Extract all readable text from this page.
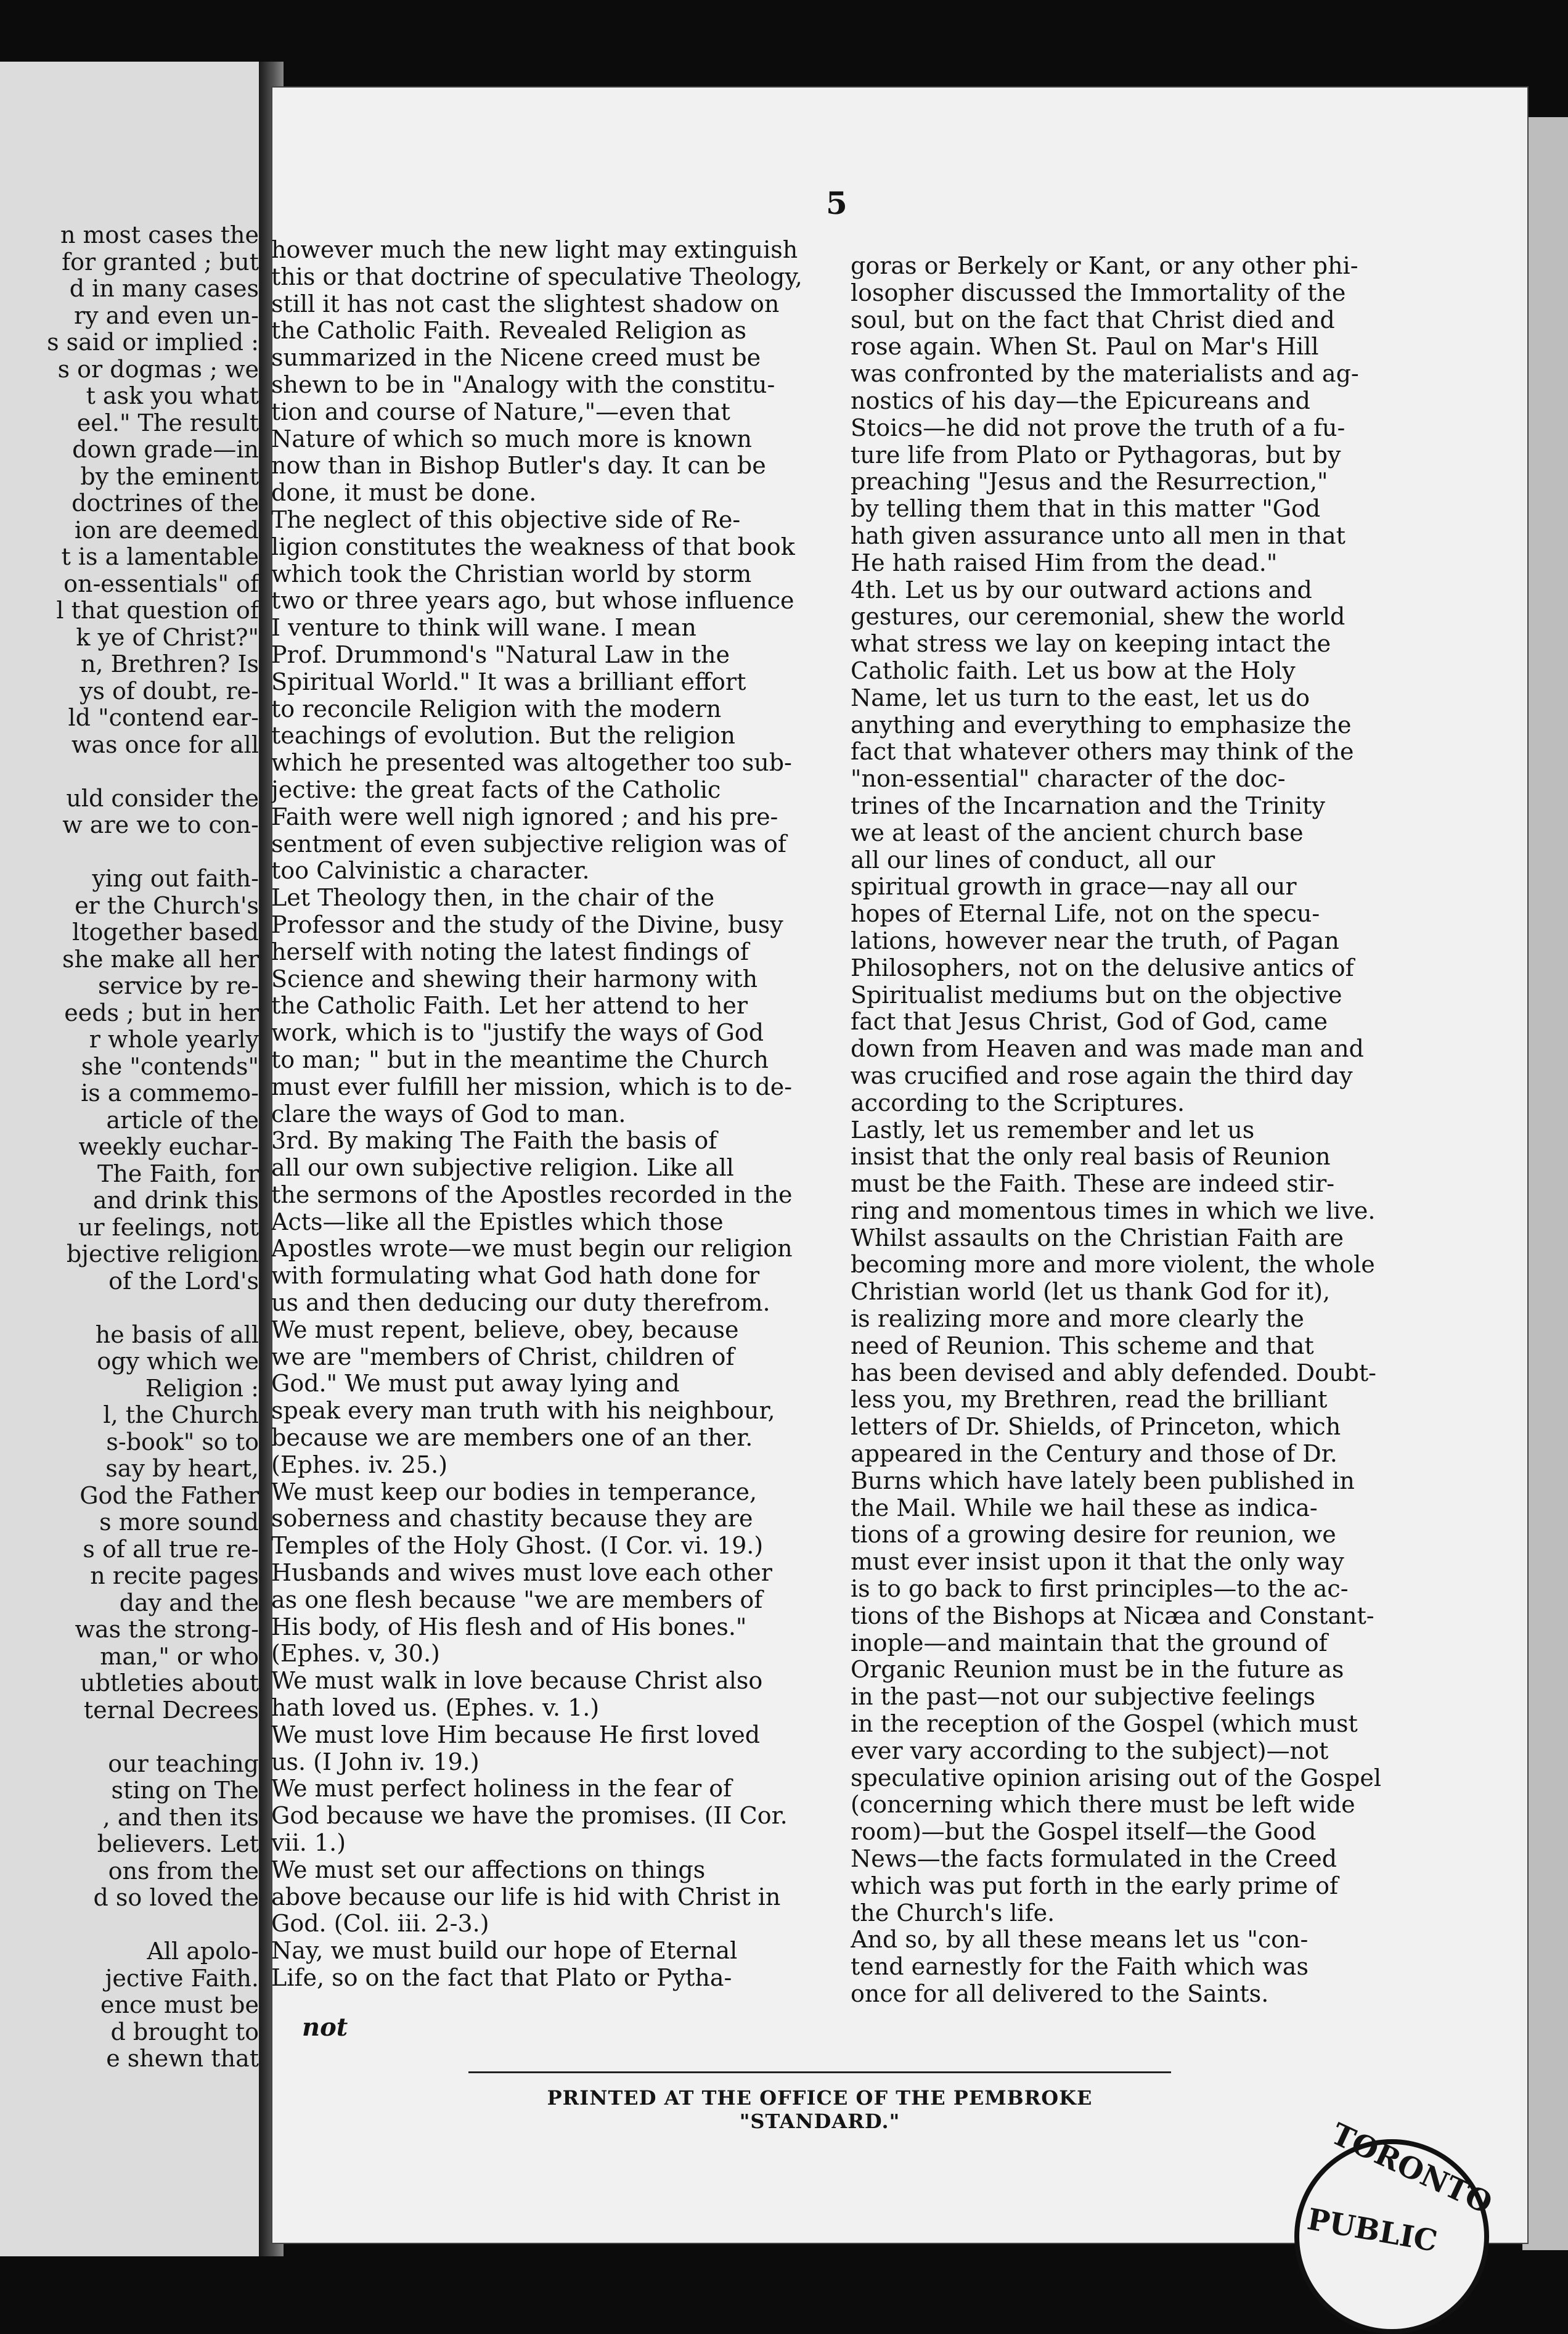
n most cases the
for granted ; but
d in many cases
ry and even un-
s said or implied :
s or dogmas ; we
t ask you what
eel." The result
down grade—in
by the eminent
doctrines of the
ion are deemed
t is a lamentable
on-essentials" of
l that question of
k ye of Christ?"
n, Brethren? Is
ys of doubt, re-
ld "contend ear-
was once for all
uld consider the
w are we to con-
ying out faith-
er the Church's
ltogether based
she make all her
service by re-
eeds ; but in her
r whole yearly
she "contends"
is a commemo-
article of the
weekly euchar-
The Faith, for
and drink this
ur feelings, not
bjective religion
of the Lord's
he basis of all
ogy which we
Religion :
l, the Church
s-book" so to
say by heart,
God the Father
s more sound
s of all true re-
n recite pages
day and the
was the strong-
man," or who
ubtleties about
ternal Decrees
our teaching
sting on The
, and then its
believers. Let
ons from the
d so loved the
All apolo-
jective Faith.
ence must be
d brought to
e shewn that
5
however much the new light may extinguish
this or that doctrine of speculative Theology,
still it has not cast the slightest shadow on
the Catholic Faith. Revealed Religion as
summarized in the Nicene creed must be
shewn to be in "Analogy with the constitu-
tion and course of Nature,"—even that
Nature of which so much more is known
now than in Bishop Butler's day. It can be
done, it must be done.
The neglect of this objective side of Re-
ligion constitutes the weakness of that book
which took the Christian world by storm
two or three years ago, but whose influence
I venture to think will wane. I mean
Prof. Drummond's "Natural Law in the
Spiritual World." It was a brilliant effort
to reconcile Religion with the modern
teachings of evolution. But the religion
which he presented was altogether too sub-
jective: the great facts of the Catholic
Faith were well nigh ignored ; and his pre-
sentment of even subjective religion was of
too Calvinistic a character.
Let Theology then, in the chair of the
Professor and the study of the Divine, busy
herself with noting the latest findings of
Science and shewing their harmony with
the Catholic Faith. Let her attend to her
work, which is to "justify the ways of God
to man; " but in the meantime the Church
must ever fulfill her mission, which is to de-
clare the ways of God to man.
3rd. By making The Faith the basis of
all our own subjective religion. Like all
the sermons of the Apostles recorded in the
Acts—like all the Epistles which those
Apostles wrote—we must begin our religion
with formulating what God hath done for
us and then deducing our duty therefrom.
We must repent, believe, obey, because
we are "members of Christ, children of
God." We must put away lying and
speak every man truth with his neighbour,
because we are members one of an ther.
(Ephes. iv. 25.)
We must keep our bodies in temperance,
soberness and chastity because they are
Temples of the Holy Ghost. (I Cor. vi. 19.)
Husbands and wives must love each other
as one flesh because "we are members of
His body, of His flesh and of His bones."
(Ephes. v, 30.)
We must walk in love because Christ also
hath loved us. (Ephes. v. 1.)
We must love Him because He first loved
us. (I John iv. 19.)
We must perfect holiness in the fear of
God because we have the promises. (II Cor.
vii. 1.)
We must set our affections on things
above because our life is hid with Christ in
God. (Col. iii. 2-3.)
Nay, we must build our hope of Eternal
Life, so on the fact that Plato or Pytha-
goras or Berkely or Kant, or any other phi-
losopher discussed the Immortality of the
soul, but on the fact that Christ died and
rose again. When St. Paul on Mar's Hill
was confronted by the materialists and ag-
nostics of his day—the Epicureans and
Stoics—he did not prove the truth of a fu-
ture life from Plato or Pythagoras, but by
preaching "Jesus and the Resurrection,"
by telling them that in this matter "God
hath given assurance unto all men in that
He hath raised Him from the dead."
4th. Let us by our outward actions and
gestures, our ceremonial, shew the world
what stress we lay on keeping intact the
Catholic faith. Let us bow at the Holy
Name, let us turn to the east, let us do
anything and everything to emphasize the
fact that whatever others may think of the
"non-essential" character of the doc-
trines of the Incarnation and the Trinity
we at least of the ancient church base
all our lines of conduct, all our
spiritual growth in grace—nay all our
hopes of Eternal Life, not on the specu-
lations, however near the truth, of Pagan
Philosophers, not on the delusive antics of
Spiritualist mediums but on the objective
fact that Jesus Christ, God of God, came
down from Heaven and was made man and
was crucified and rose again the third day
according to the Scriptures.
Lastly, let us remember and let us
insist that the only real basis of Reunion
must be the Faith. These are indeed stir-
ring and momentous times in which we live.
Whilst assaults on the Christian Faith are
becoming more and more violent, the whole
Christian world (let us thank God for it),
is realizing more and more clearly the
need of Reunion. This scheme and that
has been devised and ably defended. Doubt-
less you, my Brethren, read the brilliant
letters of Dr. Shields, of Princeton, which
appeared in the Century and those of Dr.
Burns which have lately been published in
the Mail. While we hail these as indica-
tions of a growing desire for reunion, we
must ever insist upon it that the only way
is to go back to first principles—to the ac-
tions of the Bishops at Nicæa and Constant-
inople—and maintain that the ground of
Organic Reunion must be in the future as
in the past—not our subjective feelings
in the reception of the Gospel (which must
ever vary according to the subject)—not
speculative opinion arising out of the Gospel
(concerning which there must be left wide
room)—but the Gospel itself—the Good
News—the facts formulated in the Creed
which was put forth in the early prime of
the Church's life.
And so, by all these means let us "con-
tend earnestly for the Faith which was
once for all delivered to the Saints.
not
PRINTED AT THE OFFICE OF THE PEMBROKE "STANDARD."	TORONTO
PUBLIC
